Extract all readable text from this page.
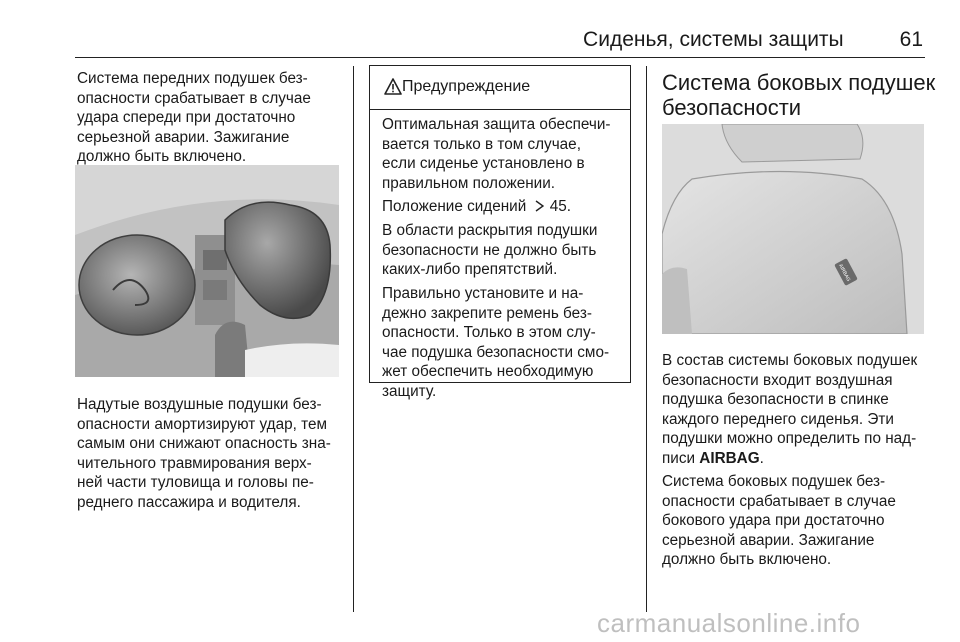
Сиденья, системы защиты	61
Система передних подушек без-
опасности срабатывает в случае
удара спереди при достаточно
серьезной аварии. Зажигание
должно быть включено.
Надутые воздушные подушки без-
опасности амортизируют удар, тем
самым они снижают опасность зна-
чительного травмирования верх-
ней части туловища и головы пе-
реднего пассажира и водителя.
Предупреждение
Оптимальная защита обеспечи-
вается только в том случае,
если сиденье установлено в
правильном положении.
Положение сидений 45.
В области раскрытия подушки
безопасности не должно быть
каких-либо препятствий.
Правильно установите и на-
дежно закрепите ремень без-
опасности. Только в этом слу-
чае подушка безопасности смо-
жет обеспечить необходимую
защиту.
Система боковых подушек
безопасности
AIRBAG
В состав системы боковых подушек
безопасности входит воздушная
подушка безопасности в спинке
каждого переднего сиденья. Эти
подушки можно определить по над-
писи AIRBAG.
Система боковых подушек без-
опасности срабатывает в случае
бокового удара при достаточно
серьезной аварии. Зажигание
должно быть включено.
carmanualsonline.info
